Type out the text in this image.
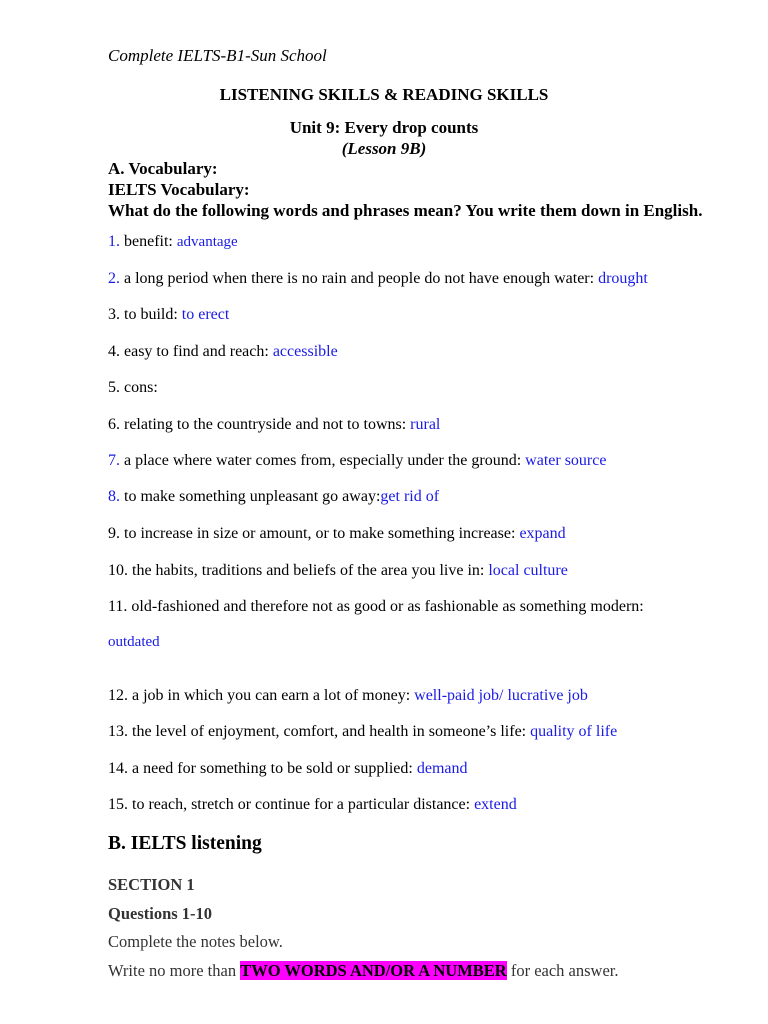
Complete IELTS-B1-Sun School
LISTENING SKILLS & READING SKILLS
Unit 9: Every drop counts
(Lesson 9B)
A. Vocabulary:
IELTS Vocabulary:
What do the following words and phrases mean? You write them down in English.
1. benefit: advantage
2. a long period when there is no rain and people do not have enough water: drought
3. to build: to erect
4. easy to find and reach: accessible
5. cons:
6. relating to the countryside and not to towns: rural
7. a place where water comes from, especially under the ground: water source
8. to make something unpleasant go away:get rid of
9. to increase in size or amount, or to make something increase: expand
10. the habits, traditions and beliefs of the area you live in: local culture
11. old-fashioned and therefore not as good or as fashionable as something modern:
outdated
12. a job in which you can earn a lot of money: well-paid job/ lucrative job
13. the level of enjoyment, comfort, and health in someone’s life: quality of life
14. a need for something to be sold or supplied: demand
15. to reach, stretch or continue for a particular distance: extend
B. IELTS listening
SECTION 1
Questions 1-10
Complete the notes below.
Write no more than TWO WORDS AND/OR A NUMBER for each answer.
